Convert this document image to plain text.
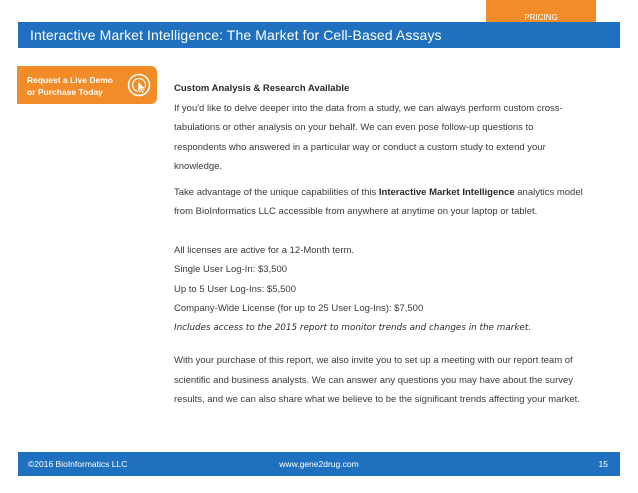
PRICING
Interactive Market Intelligence: The Market for Cell-Based Assays
Request a Live Demo
or Purchase Today	Custom Analysis & Research Available

If you'd like to delve deeper into the data from a study, we can always perform custom cross-tabulations or other analysis on your behalf. We can even pose follow-up questions to respondents who answered in a particular way or conduct a custom study to extend your knowledge.

Take advantage of the unique capabilities of this Interactive Market Intelligence analytics model from BioInformatics LLC accessible from anywhere at anytime on your laptop or tablet.

All licenses are active for a 12-Month term.

Single User Log-In: $3,500

Up to 5 User Log-Ins: $5,500

Company-Wide License (for up to 25 User Log-Ins): $7,500

Includes access to the 2015 report to monitor trends and changes in the market.

With your purchase of this report, we also invite you to set up a meeting with our report team of scientific and business analysts. We can answer any questions you may have about the survey results, and we can also share what we believe to be the significant trends affecting your market.

©2016 BioInformatics LLC	www.gene2drug.com	15
